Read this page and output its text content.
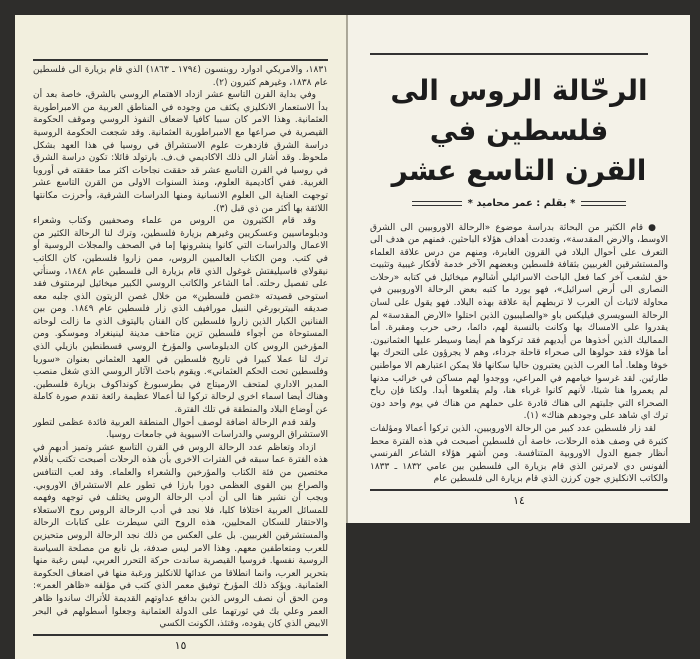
١٨٣١، والامريكي ادوارد روبنسون (١٧٩٤ ـ ١٨٦٣) الذي قام بزيارة الى فلسطين عام ١٨٣٨، وغيرهم كثيرون (٢).

وفي بداية القرن التاسع عشر ازداد الاهتمام الروسي بالشرق، خاصة بعد أن بدأ الاستعمار الانكليزي يكثف من وجوده في المناطق العربية من الامبراطورية العثمانية. وهذا الامر كان سببا كافيا لاضعاف النفوذ الروسي وموقف الحكومة القيصرية في صراعها مع الامبراطورية العثمانية. وقد شجعت الحكومة الروسية دراسة الشرق فازدهرت علوم الاستشراق في روسيا في هذا العهد بشكل ملحوظ. وقد أشار الى ذلك الاكاديمي ف.ف. بارتولد قائلا: تكون دراسة الشرق في روسيا في القرن التاسع عشر قد حققت نجاحات اكثر مما حققته في أوروبا الغربية. ففي أكاديمية العلوم، ومنذ السنوات الاولى من القرن التاسع عشر توجهت العناية الى العلوم الانسانية ومنها الدراسات الشرقية، وأحرزت مكانتها اللائقة بها أكثر من ذي قبل (٣).

وقد قام الكثيرون من الروس من علماء وصحفيين وكتاب وشعراء ودبلوماسيين وعسكريين وغيرهم بزيارة فلسطين، وترك لنا الرحالة الكثير من الاعمال والدراسات التي كانوا ينشرونها إما في الصحف والمجلات الروسية أو في كتب. ومن الكتاب العالميين الروس، ممن زاروا فلسطين، كان الكاتب نيقولاي فاسيليفتش غوغول الذي قام بزيارة الى فلسطين عام ١٨٤٨، وسنأتي على تفصيل رحلته. أما الشاعر والكاتب الروسي الكبير ميخائيل ليرمنتوف فقد استوحى قصيدته «غصن فلسطين» من خلال غصن الزيتون الذي جلبه معه صديقه البيتربورغي النبيل مورافيف الذي زار فلسطين عام ١٨٤٩. ومن بين الفنانين الكبار الذين زاروا فلسطين كان الفنان باليتوف الذي ما زالت لوحاته المستوحاة من أجواء فلسطين تزين متاحف مدينة لينينغراد وموسكو. ومن المؤرخين الروس كان الدبلوماسي والمؤرخ الروسي قسطنطين بازيلي الذي ترك لنا عملا كبيرا في تاريخ فلسطين في العهد العثماني بعنوان «سوريا وفلسطين تحت الحكم العثماني». ويقوم باحث الآثار الروسي الذي شغل منصب المدير الاداري لمتحف الارميتاج في بطرسبورغ كونداكوف بزيارة فلسطين. وهناك أيضا اسماء اخرى لرحالة تركوا لنا أعمالا عظيمة رائعة تقدم صورة كاملة عن أوضاع البلاد والمنطقة في تلك الفترة.

ولقد قدم الرحالة اضافة لوصف أحوال المنطقة العربية فائدة عظمى لتطور الاستشراق الروسي والدراسات الاسيوية في جامعات روسيا.

ازداد وتعاظم عدد الرحالة الروس في القرن التاسع عشر وتميز أدبهم في هذه الفترة عما سبقه في الفترات الاخرى بأن هذه الرحلات أصبحت تكتب بأقلام مختصين من فئة الكتاب والمؤرخين والشعراء والعلماء. وقد لعب التنافس والصراع بين القوى العظمى دورا بارزا في تطور علم الاستشراق الاوروبي. ويجب أن نشير هنا الى أن أدب الرحالة الروس يختلف في توجهه وفهمه للمسائل العربية اختلافا كليا، فلا نجد في أدب الرحالة الروس روح الاستعلاء والاحتقار للسكان المحليين، هذه الروح التي سيطرت على كتابات الرحالة والمستشرقين الغربيين. بل على العكس من ذلك نجد الرحالة الروس متحيزين للعرب ومتعاطفين معهم. وهذا الامر ليس صدفة، بل نابع من مصلحة السياسة الروسية نفسها. فروسيا القيصرية ساندت حركة التحرر العربي، ليس رغبة منها بتحرير العرب، وانما انطلاقا من عدائها للانكليز ورغبة منها في اضعاف الحكومة العثمانية. ويؤكد ذلك المؤرخ توفيق معمر الذي كتب في مؤلفه «ظاهر العمر»: ومن الحق أن نصف الروس الذين بدافع عداوتهم القديمة للأتراك ساندوا ظاهر العمر وعلي بك في ثورتهما على الدولة العثمانية وجعلوا أسطولهم في البحر الابيض الذي كان يقوده، وقتئذ، الكونت الكسي

١٥
الرحّالة الروس الى فلسطين في
القرن التاسع عشر
* بقلم : عمر محاميد *

● قام الكثير من البحاثة بدراسة موضوع «الرحالة الاوروبيين الى الشرق الاوسط، والارض المقدسة»، وتعددت أهداف هؤلاء الباحثين. فمنهم من هدف الى التعرف على أحوال البلاد في القرون الغابرة، ومنهم من درس علاقة العلماء والمستشرقين الغربيين بثقافة فلسطين وبعضهم الآخر خدمة لأفكار غيبية وتثبيت حق لشعب آخر كما فعل الباحث الاسرائيلي أشالوم ميخائيل في كتابه «رحلات النصارى الى أرض اسرائيل»، فهو يورد ما كتبه بعض الرحالة الاوروبيين في محاولة لاثبات أن العرب لا تربطهم أية علاقة بهذه البلاد. فهو يقول على لسان الرحالة السويسري فيليكس باو «والصليبيون الذين احتلوا «الارض المقدسة» لم يقدروا على الامساك بها وكانت بالنسبة لهم، دائما، رحى حرب ومقبرة. أما المماليك الذين أخذوها من أيديهم فقد تركوها هم أيضا وسيطر عليها العثمانيون. أما هؤلاء فقد حولوها الى صحراء قاحلة جرداء، وهم لا يجرؤون على التحرك بها خوفا وهلعا. أما العرب الذين يعتبرون حاليا سكانها فلا يمكن اعتبارهم الا مواطنين طارئين. لقد غرسوا خيامهم في المراعي، ووجدوا لهم مساكن في خرائب مدنها لم يعمروا هنا شيئا، لأنهم كانوا غرباء هنا، ولم يقلعوها أبدا. ولكنا فإن رياح الصحراء التي جلبتهم الى هناك قادرة على حملهم من هناك في يوم واحد دون ترك اي شاهد على وجودهم هناك» (١).

لقد زار فلسطين عدد كبير من الرحالة الاوروبيين، الذين تركوا أعمالا ومؤلفات كثيرة في وصف هذه الرحلات، خاصة أن فلسطين أصبحت في هذه الفترة محط أنظار جميع الدول الاوروبية المتنافسة. ومن أشهر هؤلاء الشاعر الفرنسي ألفونس دي لامرتين الذي قام بزيارة الى فلسطين بين عامي ١٨٣٢ ـ ١٨٣٣ والكاتب الانكليزي جون كرزن الذي قام بزيارة الى فلسطين عام

١٤
